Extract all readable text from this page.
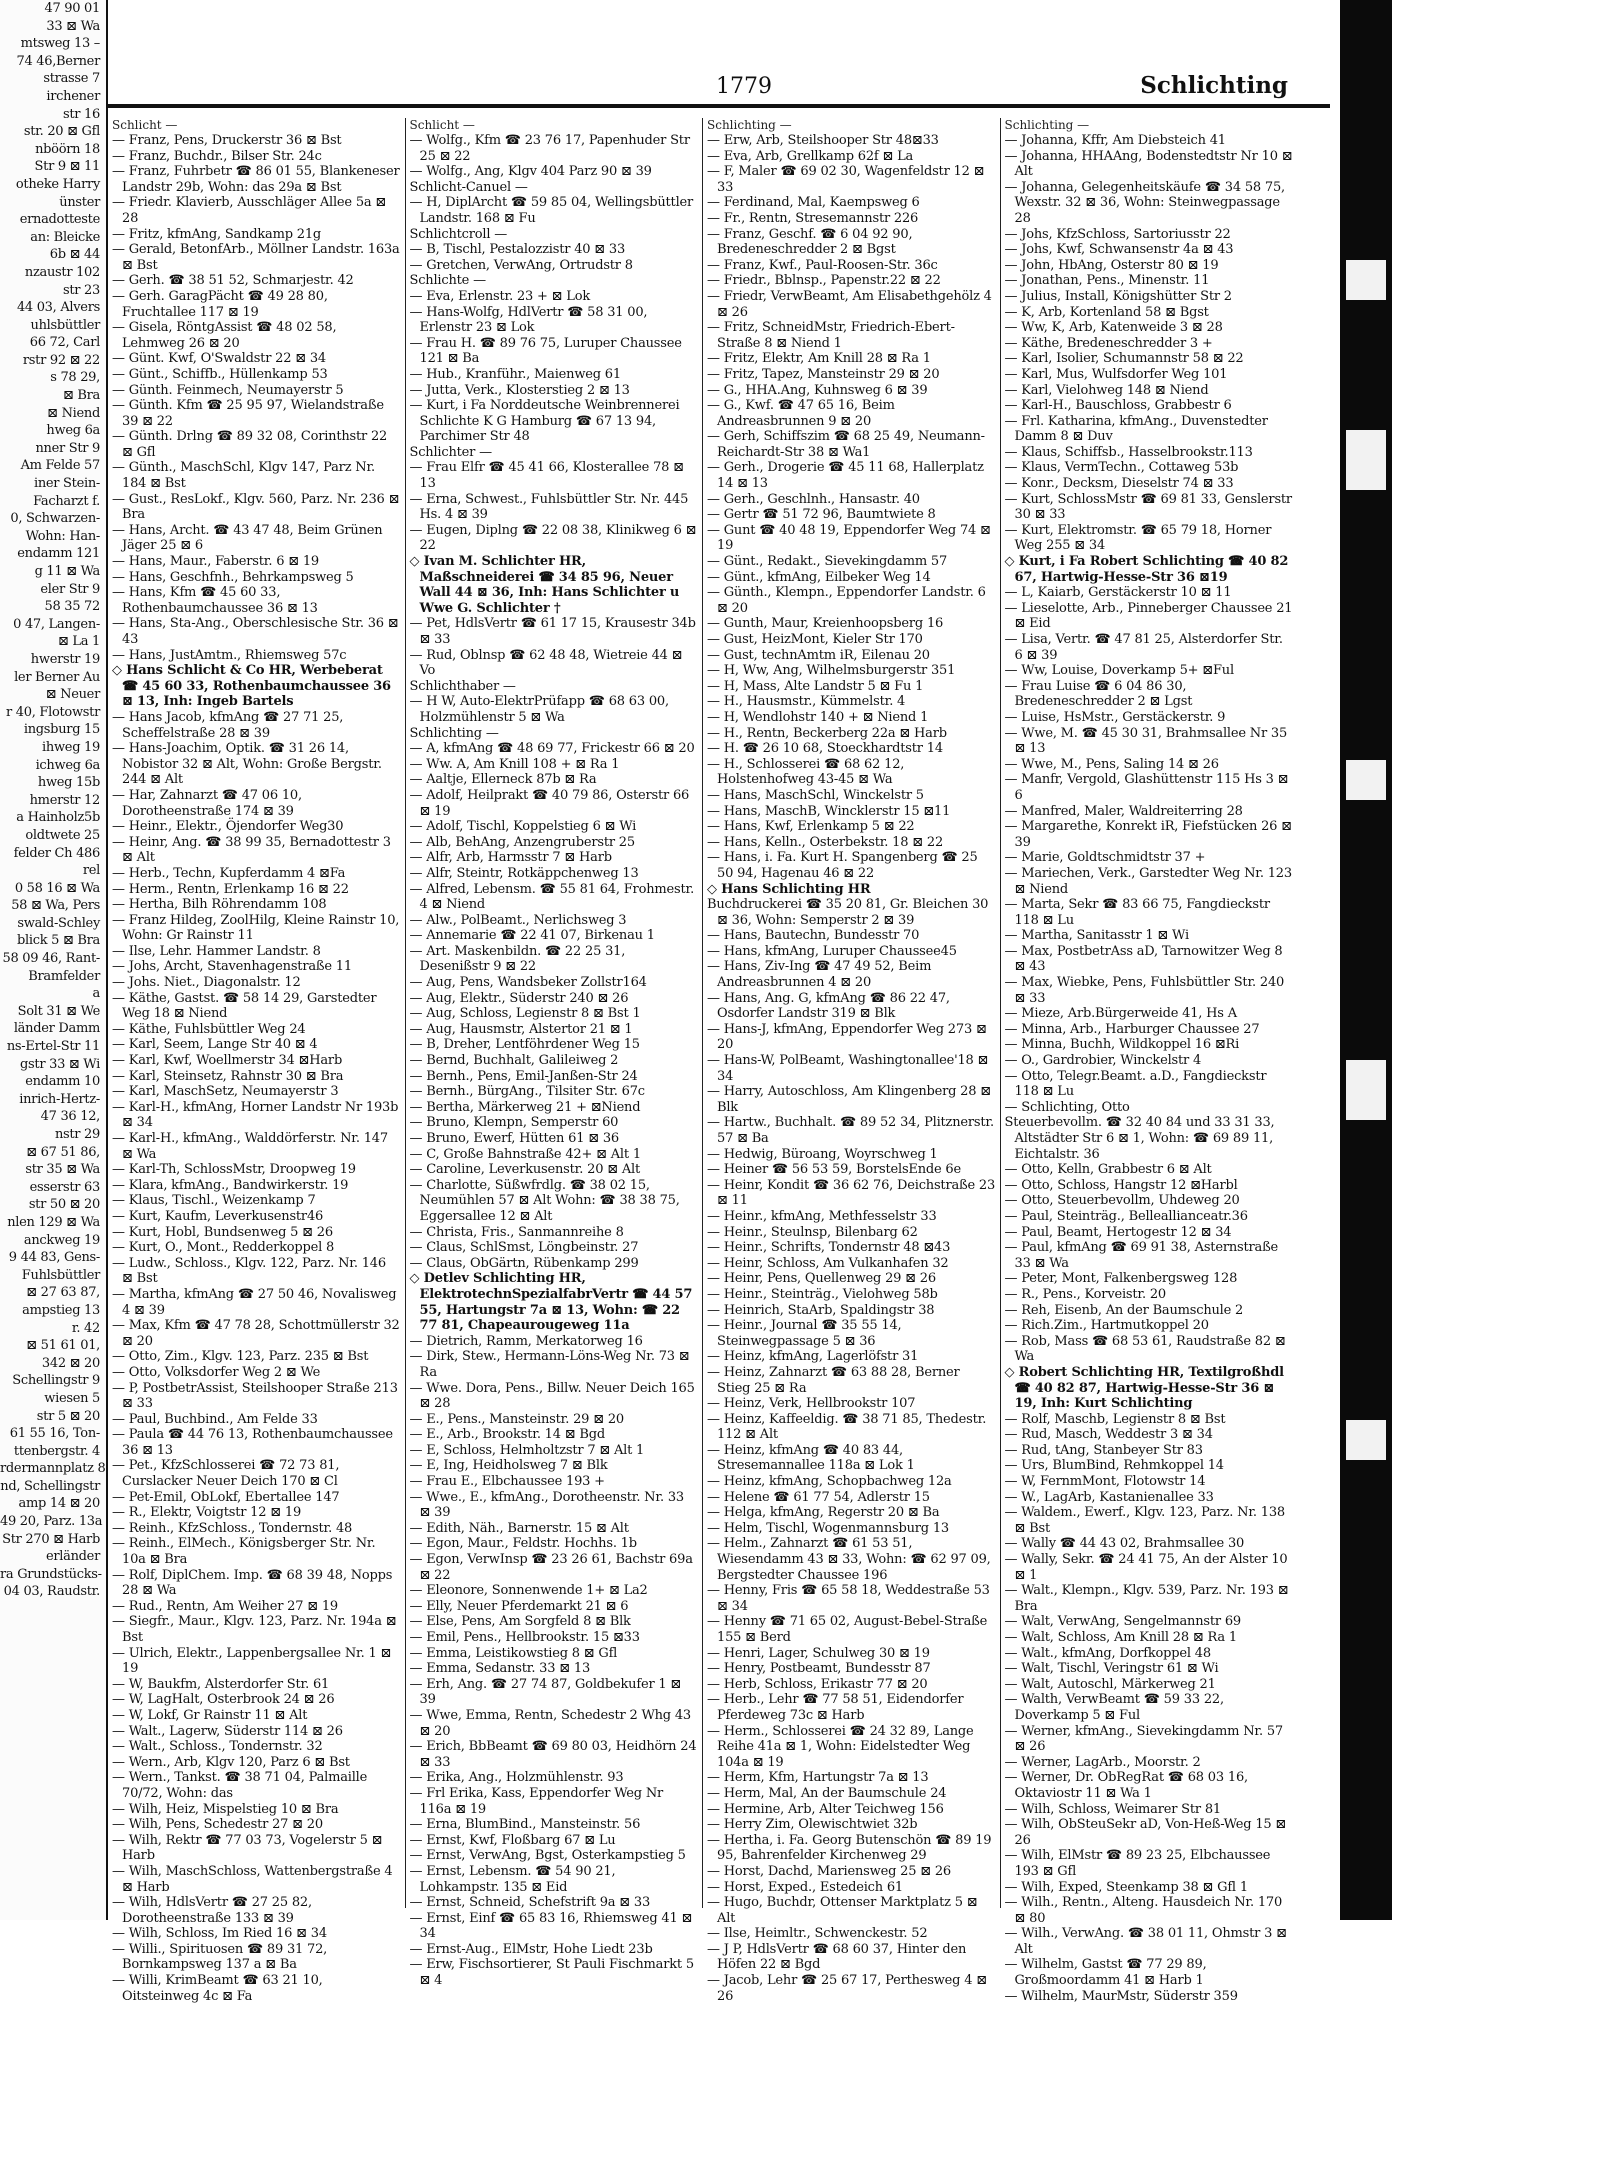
47 90 01
33 ⊠ Wa
mtsweg 13 –
74 46,Berner
strasse 7
irchener
str 16
str. 20 ⊠ Gfl
nböörn 18
Str 9 ⊠ 11
otheke Harry
ünster
ernadotteste
an: Bleicke
6b ⊠ 44
nzaustr 102
str 23
44 03, Alvers
uhlsbüttler
66 72, Carl
rstr 92 ⊠ 22
s 78 29,
⊠ Bra
⊠ Niend
hweg 6a
nner Str 9
Am Felde 57
iner Stein-
Facharzt f.
0, Schwarzen-
Wohn: Han-
endamm 121
g 11 ⊠ Wa
eler Str 9
58 35 72
0 47, Langen-
⊠ La 1
hwerstr 19
ler Berner Au
⊠ Neuer
r 40, Flotowstr
ingsburg 15
ihweg 19
ichweg 6a
hweg 15b
hmerstr 12
a Hainholz5b
oldtwete 25
felder Ch 486
rel
0 58 16 ⊠ Wa
58 ⊠ Wa, Pers
swald-Schley
blick 5 ⊠ Bra
58 09 46, Rant-
Bramfelder
a
Solt 31 ⊠ We
länder Damm
ns-Ertel-Str 11
gstr 33 ⊠ Wi
endamm 10
inrich-Hertz-
47 36 12,
nstr 29
⊠ 67 51 86,
str 35 ⊠ Wa
esserstr 63
str 50 ⊠ 20
nlen 129 ⊠ Wa
anckweg 19
9 44 83, Gens-
Fuhlsbüttler
⊠ 27 63 87,
ampstieg 13
r. 42
⊠ 51 61 01,
342 ⊠ 20
Schellingstr 9
wiesen 5
str 5 ⊠ 20
61 55 16, Ton-
ttenbergstr. 4
rdermannplatz 8
nd, Schellingstr
amp 14 ⊠ 20
49 20, Parz. 13a
Str 270 ⊠ Harb
erländer
ra Grundstücks-
04 03, Raudstr.
1779	Schlichting
Schlicht —
— Franz, Pens, Druckerstr 36 ⊠ Bst
— Franz, Buchdr., Bilser Str. 24c
— Franz, Fuhrbetr ☎ 86 01 55, Blankeneser Landstr 29b, Wohn: das 29a ⊠ Bst
— Friedr. Klavierb, Ausschläger Allee 5a ⊠ 28
— Fritz, kfmAng, Sandkamp 21g
— Gerald, BetonfArb., Möllner Landstr. 163a ⊠ Bst
— Gerh. ☎ 38 51 52, Schmarjestr. 42
— Gerh. GaragPächt ☎ 49 28 80, Fruchtallee 117 ⊠ 19
— Gisela, RöntgAssist ☎ 48 02 58, Lehmweg 26 ⊠ 20
— Günt. Kwf, O'Swaldstr 22 ⊠ 34
— Günt., Schiffb., Hüllenkamp 53
— Günth. Feinmech, Neumayerstr 5
— Günth. Kfm ☎ 25 95 97, Wielandstraße 39 ⊠ 22
— Günth. Drlng ☎ 89 32 08, Corinthstr 22 ⊠ Gfl
— Günth., MaschSchl, Klgv 147, Parz Nr. 184 ⊠ Bst
— Gust., ResLokf., Klgv. 560, Parz. Nr. 236 ⊠ Bra
— Hans, Archt. ☎ 43 47 48, Beim Grünen Jäger 25 ⊠ 6
— Hans, Maur., Faberstr. 6 ⊠ 19
— Hans, Geschfnh., Behrkampsweg 5
— Hans, Kfm ☎ 45 60 33, Rothenbaumchaussee 36 ⊠ 13
— Hans, Sta-Ang., Oberschlesische Str. 36 ⊠ 43
— Hans, JustAmtm., Rhiemsweg 57c
◇ Hans Schlicht & Co HR, Werbeberat ☎ 45 60 33, Rothenbaumchaussee 36 ⊠ 13, Inh: Ingeb Bartels
— Hans Jacob, kfmAng ☎ 27 71 25, Scheffelstraße 28 ⊠ 39
— Hans-Joachim, Optik. ☎ 31 26 14, Nobistor 32 ⊠ Alt, Wohn: Große Bergstr. 244 ⊠ Alt
— Har, Zahnarzt ☎ 47 06 10, Dorotheenstraße 174 ⊠ 39
— Heinr., Elektr., Öjendorfer Weg30
— Heinr, Ang. ☎ 38 99 35, Bernadottestr 3 ⊠ Alt
— Herb., Techn, Kupferdamm 4 ⊠Fa
— Herm., Rentn, Erlenkamp 16 ⊠ 22
— Hertha, Bilh Röhrendamm 108
— Franz Hildeg, ZoolHilg, Kleine Rainstr 10, Wohn: Gr Rainstr 11
— Ilse, Lehr. Hammer Landstr. 8
— Johs, Archt, Stavenhagenstraße 11
— Johs. Niet., Diagonalstr. 12
— Käthe, Gastst. ☎ 58 14 29, Garstedter Weg 18 ⊠ Niend
— Käthe, Fuhlsbüttler Weg 24
— Karl, Seem, Lange Str 40 ⊠ 4
— Karl, Kwf, Woellmerstr 34 ⊠Harb
— Karl, Steinsetz, Rahnstr 30 ⊠ Bra
— Karl, MaschSetz, Neumayerstr 3
— Karl-H., kfmAng, Horner Landstr Nr 193b ⊠ 34
— Karl-H., kfmAng., Walddörferstr. Nr. 147 ⊠ Wa
— Karl-Th, SchlossMstr, Droopweg 19
— Klara, kfmAng., Bandwirkerstr. 19
— Klaus, Tischl., Weizenkamp 7
— Kurt, Kaufm, Leverkusenstr46
— Kurt, Hobl, Bundsenweg 5 ⊠ 26
— Kurt, O., Mont., Redderkoppel 8
— Ludw., Schloss., Klgv. 122, Parz. Nr. 146 ⊠ Bst
— Martha, kfmAng ☎ 27 50 46, Novalisweg 4 ⊠ 39
— Max, Kfm ☎ 47 78 28, Schottmüllerstr 32 ⊠ 20
— Otto, Zim., Klgv. 123, Parz. 235 ⊠ Bst
— Otto, Volksdorfer Weg 2 ⊠ We
— P, PostbetrAssist, Steilshooper Straße 213 ⊠ 33
— Paul, Buchbind., Am Felde 33
— Paula ☎ 44 76 13, Rothenbaumchaussee 36 ⊠ 13
— Pet., KfzSchlosserei ☎ 72 73 81, Curslacker Neuer Deich 170 ⊠ Cl
— Pet-Emil, ObLokf, Ebertallee 147
— R., Elektr, Voigtstr 12 ⊠ 19
— Reinh., KfzSchloss., Tondernstr. 48
— Reinh., ElMech., Königsberger Str. Nr. 10a ⊠ Bra
— Rolf, DiplChem. Imp. ☎ 68 39 48, Nopps 28 ⊠ Wa
— Rud., Rentn, Am Weiher 27 ⊠ 19
— Siegfr., Maur., Klgv. 123, Parz. Nr. 194a ⊠ Bst
— Ulrich, Elektr., Lappenbergsallee Nr. 1 ⊠ 19
— W, Baukfm, Alsterdorfer Str. 61
— W, LagHalt, Osterbrook 24 ⊠ 26
— W, Lokf, Gr Rainstr 11 ⊠ Alt
— Walt., Lagerw, Süderstr 114 ⊠ 26
— Walt., Schloss., Tondernstr. 32
— Wern., Arb, Klgv 120, Parz 6 ⊠ Bst
— Wern., Tankst. ☎ 38 71 04, Palmaille 70/72, Wohn: das
— Wilh, Heiz, Mispelstieg 10 ⊠ Bra
— Wilh, Pens, Schedestr 27 ⊠ 20
— Wilh, Rektr ☎ 77 03 73, Vogelerstr 5 ⊠ Harb
— Wilh, MaschSchloss, Wattenbergstraße 4 ⊠ Harb
— Wilh, HdlsVertr ☎ 27 25 82, Dorotheenstraße 133 ⊠ 39
— Wilh, Schloss, Im Ried 16 ⊠ 34
— Willi., Spirituosen ☎ 89 31 72, Bornkampsweg 137 a ⊠ Ba
— Willi, KrimBeamt ☎ 63 21 10, Oitsteinweg 4c ⊠ Fa
Schlicht —
— Wolfg., Kfm ☎ 23 76 17, Papenhuder Str 25 ⊠ 22
— Wolfg., Ang, Klgv 404 Parz 90 ⊠ 39
Schlicht-Canuel —
— H, DiplArcht ☎ 59 85 04, Wellingsbüttler Landstr. 168 ⊠ Fu
Schlichtcroll —
— B, Tischl, Pestalozzistr 40 ⊠ 33
— Gretchen, VerwAng, Ortrudstr 8
Schlichte —
— Eva, Erlenstr. 23 + ⊠ Lok
— Hans-Wolfg, HdlVertr ☎ 58 31 00, Erlenstr 23 ⊠ Lok
— Frau H. ☎ 89 76 75, Luruper Chaussee 121 ⊠ Ba
— Hub., Kranführ., Maienweg 61
— Jutta, Verk., Klosterstieg 2 ⊠ 13
— Kurt, i Fa Norddeutsche Weinbrennerei Schlichte K G Hamburg ☎ 67 13 94, Parchimer Str 48
Schlichter —
— Frau Elfr ☎ 45 41 66, Klosterallee 78 ⊠ 13
— Erna, Schwest., Fuhlsbüttler Str. Nr. 445 Hs. 4 ⊠ 39
— Eugen, Diplng ☎ 22 08 38, Klinikweg 6 ⊠ 22
◇ Ivan M. Schlichter HR, Maßschneiderei ☎ 34 85 96, Neuer Wall 44 ⊠ 36, Inh: Hans Schlichter u Wwe G. Schlichter †
— Pet, HdlsVertr ☎ 61 17 15, Krausestr 34b ⊠ 33
— Rud, Oblnsp ☎ 62 48 48, Wietreie 44 ⊠ Vo
Schlichthaber —
— H W, Auto-ElektrPrüfapp ☎ 68 63 00, Holzmühlenstr 5 ⊠ Wa
Schlichting —
— A, kfmAng ☎ 48 69 77, Frickestr 66 ⊠ 20
— Ww. A, Am Knill 108 + ⊠ Ra 1
— Aaltje, Ellerneck 87b ⊠ Ra
— Adolf, Heilprakt ☎ 40 79 86, Osterstr 66 ⊠ 19
— Adolf, Tischl, Koppelstieg 6 ⊠ Wi
— Alb, BehAng, Anzengruberstr 25
— Alfr, Arb, Harmsstr 7 ⊠ Harb
— Alfr, Steintr, Rotkäppchenweg 13
— Alfred, Lebensm. ☎ 55 81 64, Frohmestr. 4 ⊠ Niend
— Alw., PolBeamt., Nerlichsweg 3
— Annemarie ☎ 22 41 07, Birkenau 1
— Art. Maskenbildn. ☎ 22 25 31, Desenißstr 9 ⊠ 22
— Aug, Pens, Wandsbeker Zollstr164
— Aug, Elektr., Süderstr 240 ⊠ 26
— Aug, Schloss, Legienstr 8 ⊠ Bst 1
— Aug, Hausmstr, Alstertor 21 ⊠ 1
— B, Dreher, Lentföhrdener Weg 15
— Bernd, Buchhalt, Galileiweg 2
— Bernh., Pens, Emil-Janßen-Str 24
— Bernh., BürgAng., Tilsiter Str. 67c
— Bertha, Märkerweg 21 + ⊠Niend
— Bruno, Klempn, Semperstr 60
— Bruno, Ewerf, Hütten 61 ⊠ 36
— C, Große Bahnstraße 42+ ⊠ Alt 1
— Caroline, Leverkusenstr. 20 ⊠ Alt
— Charlotte, Süßwfrdlg. ☎ 38 02 15, Neumühlen 57 ⊠ Alt Wohn: ☎ 38 38 75, Eggersallee 12 ⊠ Alt
— Christa, Fris., Sanmannreihe 8
— Claus, SchlSmst, Löngbeinstr. 27
— Claus, ObGärtn, Rübenkamp 299
◇ Detlev Schlichting HR, ElektrotechnSpezialfabrVertr ☎ 44 57 55, Hartungstr 7a ⊠ 13, Wohn: ☎ 22 77 81, Chapeaurougeweg 11a
— Dietrich, Ramm, Merkatorweg 16
— Dirk, Stew., Hermann-Löns-Weg Nr. 73 ⊠ Ra
— Wwe. Dora, Pens., Billw. Neuer Deich 165 ⊠ 28
— E., Pens., Mansteinstr. 29 ⊠ 20
— E., Arb., Brookstr. 14 ⊠ Bgd
— E, Schloss, Helmholtzstr 7 ⊠ Alt 1
— E, Ing, Heidholsweg 7 ⊠ Blk
— Frau E., Elbchaussee 193 +
— Wwe., E., kfmAng., Dorotheenstr. Nr. 33 ⊠ 39
— Edith, Näh., Barnerstr. 15 ⊠ Alt
— Egon, Maur., Feldstr. Hochhs. 1b
— Egon, VerwInsp ☎ 23 26 61, Bachstr 69a ⊠ 22
— Eleonore, Sonnenwende 1+ ⊠ La2
— Elly, Neuer Pferdemarkt 21 ⊠ 6
— Else, Pens, Am Sorgfeld 8 ⊠ Blk
— Emil, Pens., Hellbrookstr. 15 ⊠33
— Emma, Leistikowstieg 8 ⊠ Gfl
— Emma, Sedanstr. 33 ⊠ 13
— Erh, Ang. ☎ 27 74 87, Goldbekufer 1 ⊠ 39
— Wwe, Emma, Rentn, Schedestr 2 Whg 43 ⊠ 20
— Erich, BbBeamt ☎ 69 80 03, Heidhörn 24 ⊠ 33
— Erika, Ang., Holzmühlenstr. 93
— Frl Erika, Kass, Eppendorfer Weg Nr 116a ⊠ 19
— Erna, BlumBind., Mansteinstr. 56
— Ernst, Kwf, Floßbarg 67 ⊠ Lu
— Ernst, VerwAng, Bgst, Osterkampstieg 5
— Ernst, Lebensm. ☎ 54 90 21, Lohkampstr. 135 ⊠ Eid
— Ernst, Schneid, Schefstrift 9a ⊠ 33
— Ernst, Einf ☎ 65 83 16, Rhiemsweg 41 ⊠ 34
— Ernst-Aug., ElMstr, Hohe Liedt 23b
— Erw, Fischsortierer, St Pauli Fischmarkt 5 ⊠ 4
Schlichting —
— Erw, Arb, Steilshooper Str 48⊠33
— Eva, Arb, Grellkamp 62f ⊠ La
— F, Maler ☎ 69 02 30, Wagenfeldstr 12 ⊠ 33
— Ferdinand, Mal, Kaempsweg 6
— Fr., Rentn, Stresemannstr 226
— Franz, Geschf. ☎ 6 04 92 90, Bredeneschredder 2 ⊠ Bgst
— Franz, Kwf., Paul-Roosen-Str. 36c
— Friedr., Bblnsp., Papenstr.22 ⊠ 22
— Friedr, VerwBeamt, Am Elisabethgehölz 4 ⊠ 26
— Fritz, SchneidMstr, Friedrich-Ebert-Straße 8 ⊠ Niend 1
— Fritz, Elektr, Am Knill 28 ⊠ Ra 1
— Fritz, Tapez, Mansteinstr 29 ⊠ 20
— G., HHA.Ang, Kuhnsweg 6 ⊠ 39
— G., Kwf. ☎ 47 65 16, Beim Andreasbrunnen 9 ⊠ 20
— Gerh, Schiffszim ☎ 68 25 49, Neumann-Reichardt-Str 38 ⊠ Wa1
— Gerh., Drogerie ☎ 45 11 68, Hallerplatz 14 ⊠ 13
— Gerh., Geschlnh., Hansastr. 40
— Gertr ☎ 51 72 96, Baumtwiete 8
— Gunt ☎ 40 48 19, Eppendorfer Weg 74 ⊠ 19
— Günt., Redakt., Sievekingdamm 57
— Günt., kfmAng, Eilbeker Weg 14
— Günth., Klempn., Eppendorfer Landstr. 6 ⊠ 20
— Gunth, Maur, Kreienhoopsberg 16
— Gust, HeizMont, Kieler Str 170
— Gust, technAmtm iR, Eilenau 20
— H, Ww, Ang, Wilhelmsburgerstr 351
— H, Mass, Alte Landstr 5 ⊠ Fu 1
— H., Hausmstr., Kümmelstr. 4
— H, Wendlohstr 140 + ⊠ Niend 1
— H., Rentn, Beckerberg 22a ⊠ Harb
— H. ☎ 26 10 68, Stoeckhardtstr 14
— H., Schlosserei ☎ 68 62 12, Holstenhofweg 43-45 ⊠ Wa
— Hans, MaschSchl, Winckelstr 5
— Hans, MaschB, Wincklerstr 15 ⊠11
— Hans, Kwf, Erlenkamp 5 ⊠ 22
— Hans, Kelln., Osterbekstr. 18 ⊠ 22
— Hans, i. Fa. Kurt H. Spangenberg ☎ 25 50 94, Hagenau 46 ⊠ 22
◇ Hans Schlichting HR
Buchdruckerei ☎ 35 20 81, Gr. Bleichen 30 ⊠ 36, Wohn: Semperstr 2 ⊠ 39
— Hans, Bautechn, Bundesstr 70
— Hans, kfmAng, Luruper Chaussee45
— Hans, Ziv-Ing ☎ 47 49 52, Beim Andreasbrunnen 4 ⊠ 20
— Hans, Ang. G, kfmAng ☎ 86 22 47, Osdorfer Landstr 319 ⊠ Blk
— Hans-J, kfmAng, Eppendorfer Weg 273 ⊠ 20
— Hans-W, PolBeamt, Washingtonallee'18 ⊠ 34
— Harry, Autoschloss, Am Klingenberg 28 ⊠ Blk
— Hartw., Buchhalt. ☎ 89 52 34, Plitznerstr. 57 ⊠ Ba
— Hedwig, Büroang, Woyrschweg 1
— Heiner ☎ 56 53 59, BorstelsEnde 6e
— Heinr, Kondit ☎ 36 62 76, Deichstraße 23 ⊠ 11
— Heinr., kfmAng, Methfesselstr 33
— Heinr., Steulnsp, Bilenbarg 62
— Heinr., Schrifts, Tondernstr 48 ⊠43
— Heinr, Schloss, Am Vulkanhafen 32
— Heinr, Pens, Quellenweg 29 ⊠ 26
— Heinr., Steinträg., Vielohweg 58b
— Heinrich, StaArb, Spaldingstr 38
— Heinr., Journal ☎ 35 55 14, Steinwegpassage 5 ⊠ 36
— Heinz, kfmAng, Lagerlöfstr 31
— Heinz, Zahnarzt ☎ 63 88 28, Berner Stieg 25 ⊠ Ra
— Heinz, Verk, Hellbrookstr 107
— Heinz, Kaffeeldig. ☎ 38 71 85, Thedestr. 112 ⊠ Alt
— Heinz, kfmAng ☎ 40 83 44, Stresemannallee 118a ⊠ Lok 1
— Heinz, kfmAng, Schopbachweg 12a
— Helene ☎ 61 77 54, Adlerstr 15
— Helga, kfmAng, Regerstr 20 ⊠ Ba
— Helm, Tischl, Wogenmannsburg 13
— Helm., Zahnarzt ☎ 61 53 51, Wiesendamm 43 ⊠ 33, Wohn: ☎ 62 97 09, Bergstedter Chaussee 196
— Henny, Fris ☎ 65 58 18, Weddestraße 53 ⊠ 34
— Henny ☎ 71 65 02, August-Bebel-Straße 155 ⊠ Berd
— Henri, Lager, Schulweg 30 ⊠ 19
— Henry, Postbeamt, Bundesstr 87
— Herb, Schloss, Erikastr 77 ⊠ 20
— Herb., Lehr ☎ 77 58 51, Eidendorfer Pferdeweg 73c ⊠ Harb
— Herm., Schlosserei ☎ 24 32 89, Lange Reihe 41a ⊠ 1, Wohn: Eidelstedter Weg 104a ⊠ 19
— Herm, Kfm, Hartungstr 7a ⊠ 13
— Herm, Mal, An der Baumschule 24
— Hermine, Arb, Alter Teichweg 156
— Herry Zim, Olewischtwiet 32b
— Hertha, i. Fa. Georg Butenschön ☎ 89 19 95, Bahrenfelder Kirchenweg 29
— Horst, Dachd, Mariensweg 25 ⊠ 26
— Horst, Exped., Estedeich 61
— Hugo, Buchdr, Ottenser Marktplatz 5 ⊠ Alt
— Ilse, Heimltr., Schwenckestr. 52
— J P, HdlsVertr ☎ 68 60 37, Hinter den Höfen 22 ⊠ Bgd
— Jacob, Lehr ☎ 25 67 17, Perthesweg 4 ⊠ 26
Schlichting —
— Johanna, Kffr, Am Diebsteich 41
— Johanna, HHAAng, Bodenstedtstr Nr 10 ⊠ Alt
— Johanna, Gelegenheitskäufe ☎ 34 58 75, Wexstr. 32 ⊠ 36, Wohn: Steinwegpassage 28
— Johs, KfzSchloss, Sartoriusstr 22
— Johs, Kwf, Schwansenstr 4a ⊠ 43
— John, HbAng, Osterstr 80 ⊠ 19
— Jonathan, Pens., Minenstr. 11
— Julius, Install, Königshütter Str 2
— K, Arb, Kortenland 58 ⊠ Bgst
— Ww, K, Arb, Katenweide 3 ⊠ 28
— Käthe, Bredeneschredder 3 +
— Karl, Isolier, Schumannstr 58 ⊠ 22
— Karl, Mus, Wulfsdorfer Weg 101
— Karl, Vielohweg 148 ⊠ Niend
— Karl-H., Bauschloss, Grabbestr 6
— Frl. Katharina, kfmAng., Duvenstedter Damm 8 ⊠ Duv
— Klaus, Schiffsb., Hasselbrookstr.113
— Klaus, VermTechn., Cottaweg 53b
— Konr., Decksm, Dieselstr 74 ⊠ 33
— Kurt, SchlossMstr ☎ 69 81 33, Genslerstr 30 ⊠ 33
— Kurt, Elektromstr. ☎ 65 79 18, Horner Weg 255 ⊠ 34
◇ Kurt, i Fa Robert Schlichting ☎ 40 82 67, Hartwig-Hesse-Str 36 ⊠19
— L, Kaiarb, Gerstäckerstr 10 ⊠ 11
— Lieselotte, Arb., Pinneberger Chaussee 21 ⊠ Eid
— Lisa, Vertr. ☎ 47 81 25, Alsterdorfer Str. 6 ⊠ 39
— Ww, Louise, Doverkamp 5+ ⊠Ful
— Frau Luise ☎ 6 04 86 30, Bredeneschredder 2 ⊠ Lgst
— Luise, HsMstr., Gerstäckerstr. 9
— Wwe, M. ☎ 45 30 31, Brahmsallee Nr 35 ⊠ 13
— Wwe, M., Pens, Saling 14 ⊠ 26
— Manfr, Vergold, Glashüttenstr 115 Hs 3 ⊠ 6
— Manfred, Maler, Waldreiterring 28
— Margarethe, Konrekt iR, Fiefstücken 26 ⊠ 39
— Marie, Goldtschmidtstr 37 +
— Mariechen, Verk., Garstedter Weg Nr. 123 ⊠ Niend
— Marta, Sekr ☎ 83 66 75, Fangdieckstr 118 ⊠ Lu
— Martha, Sanitasstr 1 ⊠ Wi
— Max, PostbetrAss aD, Tarnowitzer Weg 8 ⊠ 43
— Max, Wiebke, Pens, Fuhlsbüttler Str. 240 ⊠ 33
— Mieze, Arb.Bürgerweide 41, Hs A
— Minna, Arb., Harburger Chaussee 27
— Minna, Buchh, Wildkoppel 16 ⊠Ri
— O., Gardrobier, Winckelstr 4
— Otto, Telegr.Beamt. a.D., Fangdieckstr 118 ⊠ Lu
— Schlichting, Otto
Steuerbevollm. ☎ 32 40 84 und 33 31 33, Altstädter Str 6 ⊠ 1, Wohn: ☎ 69 89 11, Eichtalstr. 36
— Otto, Kelln, Grabbestr 6 ⊠ Alt
— Otto, Schloss, Hangstr 12 ⊠Harbl
— Otto, Steuerbevollm, Uhdeweg 20
— Paul, Steinträg., Belleallianceatr.36
— Paul, Beamt, Hertogestr 12 ⊠ 34
— Paul, kfmAng ☎ 69 91 38, Asternstraße 33 ⊠ Wa
— Peter, Mont, Falkenbergsweg 128
— R., Pens., Korveistr. 20
— Reh, Eisenb, An der Baumschule 2
— Rich.Zim., Hartmutkoppel 20
— Rob, Mass ☎ 68 53 61, Raudstraße 82 ⊠ Wa
◇ Robert Schlichting HR, Textilgroßhdl ☎ 40 82 87, Hartwig-Hesse-Str 36 ⊠ 19, Inh: Kurt Schlichting
— Rolf, Maschb, Legienstr 8 ⊠ Bst
— Rud, Masch, Weddestr 3 ⊠ 34
— Rud, tAng, Stanbeyer Str 83
— Urs, BlumBind, Rehmkoppel 14
— W, FernmMont, Flotowstr 14
— W., LagArb, Kastanienallee 33
— Waldem., Ewerf., Klgv. 123, Parz. Nr. 138 ⊠ Bst
— Wally ☎ 44 43 02, Brahmsallee 30
— Wally, Sekr. ☎ 24 41 75, An der Alster 10 ⊠ 1
— Walt., Klempn., Klgv. 539, Parz. Nr. 193 ⊠ Bra
— Walt, VerwAng, Sengelmannstr 69
— Walt, Schloss, Am Knill 28 ⊠ Ra 1
— Walt., kfmAng, Dorfkoppel 48
— Walt, Tischl, Veringstr 61 ⊠ Wi
— Walt, Autoschl, Märkerweg 21
— Walth, VerwBeamt ☎ 59 33 22, Doverkamp 5 ⊠ Ful
— Werner, kfmAng., Sievekingdamm Nr. 57 ⊠ 26
— Werner, LagArb., Moorstr. 2
— Werner, Dr. ObRegRat ☎ 68 03 16, Oktaviostr 11 ⊠ Wa 1
— Wilh, Schloss, Weimarer Str 81
— Wilh, ObSteuSekr aD, Von-Heß-Weg 15 ⊠ 26
— Wilh, ElMstr ☎ 89 23 25, Elbchaussee 193 ⊠ Gfl
— Wilh, Exped, Steenkamp 38 ⊠ Gfl 1
— Wilh., Rentn., Alteng. Hausdeich Nr. 170 ⊠ 80
— Wilh., VerwAng. ☎ 38 01 11, Ohmstr 3 ⊠ Alt
— Wilhelm, Gastst ☎ 77 29 89, Großmoordamm 41 ⊠ Harb 1
— Wilhelm, MaurMstr, Süderstr 359
